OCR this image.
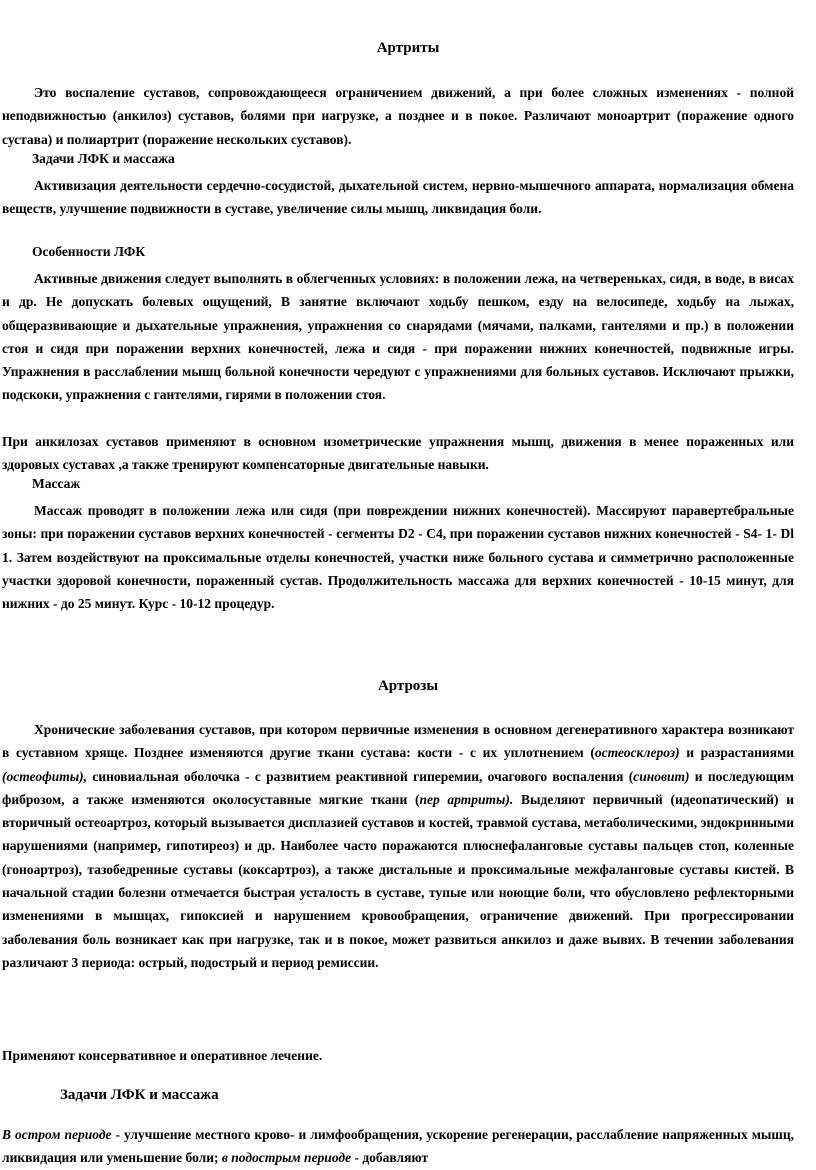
Артриты

Это воспаление суставов, сопровождающееся ограничением движений, а при более сложных изменениях - полной неподвижностью (анкилоз) суставов, болями при нагрузке, а позднее и в покое. Различают моноартрит (поражение одного сустава) и полиартрит (поражение нескольких суставов).

Задачи ЛФК и массажа

Активизация деятельности сердечно-сосудистой, дыхательной систем, нервно-мышечного аппарата, нормализация обмена веществ, улучшение подвижности в суставе, увеличение силы мышц, ликвидация боли.

Особенности ЛФК

Активные движения следует выполнять в облегченных условиях: в положении лежа, на четвереньках, сидя, в воде, в висах и др. Не допускать болевых ощущений, В занятие включают ходьбу пешком, езду на велосипеде, ходьбу на лыжах, общеразвивающие и дыхательные упражнения, упражнения со снарядами (мячами, палками, гантелями и пр.) в положении стоя и сидя при поражении верхних конечностей, лежа и сидя - при поражении нижних конечностей, подвижные игры. Упражнения в расслаблении мышц больной конечности чередуют с упражнениями для больных суставов. Исключают прыжки, подскоки, упражнения с гантелями, гирями в положении стоя.

При анкилозах суставов применяют в основном изометрические упражнения мышц, движения в менее пораженных или здоровых суставах ,а также тренируют компенсаторные двигательные навыки.

Массаж

Массаж проводят в положении лежа или сидя (при повреждении нижних конечностей). Массируют паравертебральные зоны: при поражении суставов верхних конечностей - сегменты D2 - C4, при поражении суставов нижних конечностей - S4- 1- Dl 1. Затем воздействуют на проксимальные отделы конечностей, участки ниже больного сустава и симметрично расположенные участки здоровой конечности, пораженный сустав. Продолжительность массажа для верхних конечностей - 10-15 минут, для нижних - до 25 минут. Курс - 10-12 процедур.

Артрозы

Хронические заболевания суставов, при котором первичные изменения в основном дегенеративного характера возникают в суставном хряще. Позднее изменяются другие ткани сустава: кости - с их уплотнением (остеосклероз) и разрастаниями (остеофиты), синовиальная оболочка - с развитием реактивной гиперемии, очагового воспаления (синовит) и последующим фиброзом, а также изменяются околосуставные мягкие ткани (пер артриты). Выделяют первичный (идеопатический) и вторичный остеоартроз, который вызывается дисплазией суставов и костей, травмой сустава, метаболическими, эндокринными нарушениями (например, гипотиреоз) и др. Наиболее часто поражаются плюснефаланговые суставы пальцев стоп, коленные (гоноартроз), тазобедренные суставы (коксартроз), а также дистальные и проксимальные межфаланговые суставы кистей. В начальной стадии болезни отмечается быстрая усталость в суставе, тупые или ноющие боли, что обусловлено рефлекторными изменениями в мышцах, гипоксией и нарушением кровообращения, ограничение движений. При прогрессировании заболевания боль возникает как при нагрузке, так и в покое, может развиться анкилоз и даже вывих. В течении заболевания различают 3 периода: острый, подострый и период ремиссии.

Применяют консервативное и оперативное лечение.

Задачи ЛФК и массажа

В остром периоде - улучшение местного крово- и лимфообращения, ускорение регенерации, расслабление напряженных мышц, ликвидация или уменьшение боли; в подострым периоде - добавляют
